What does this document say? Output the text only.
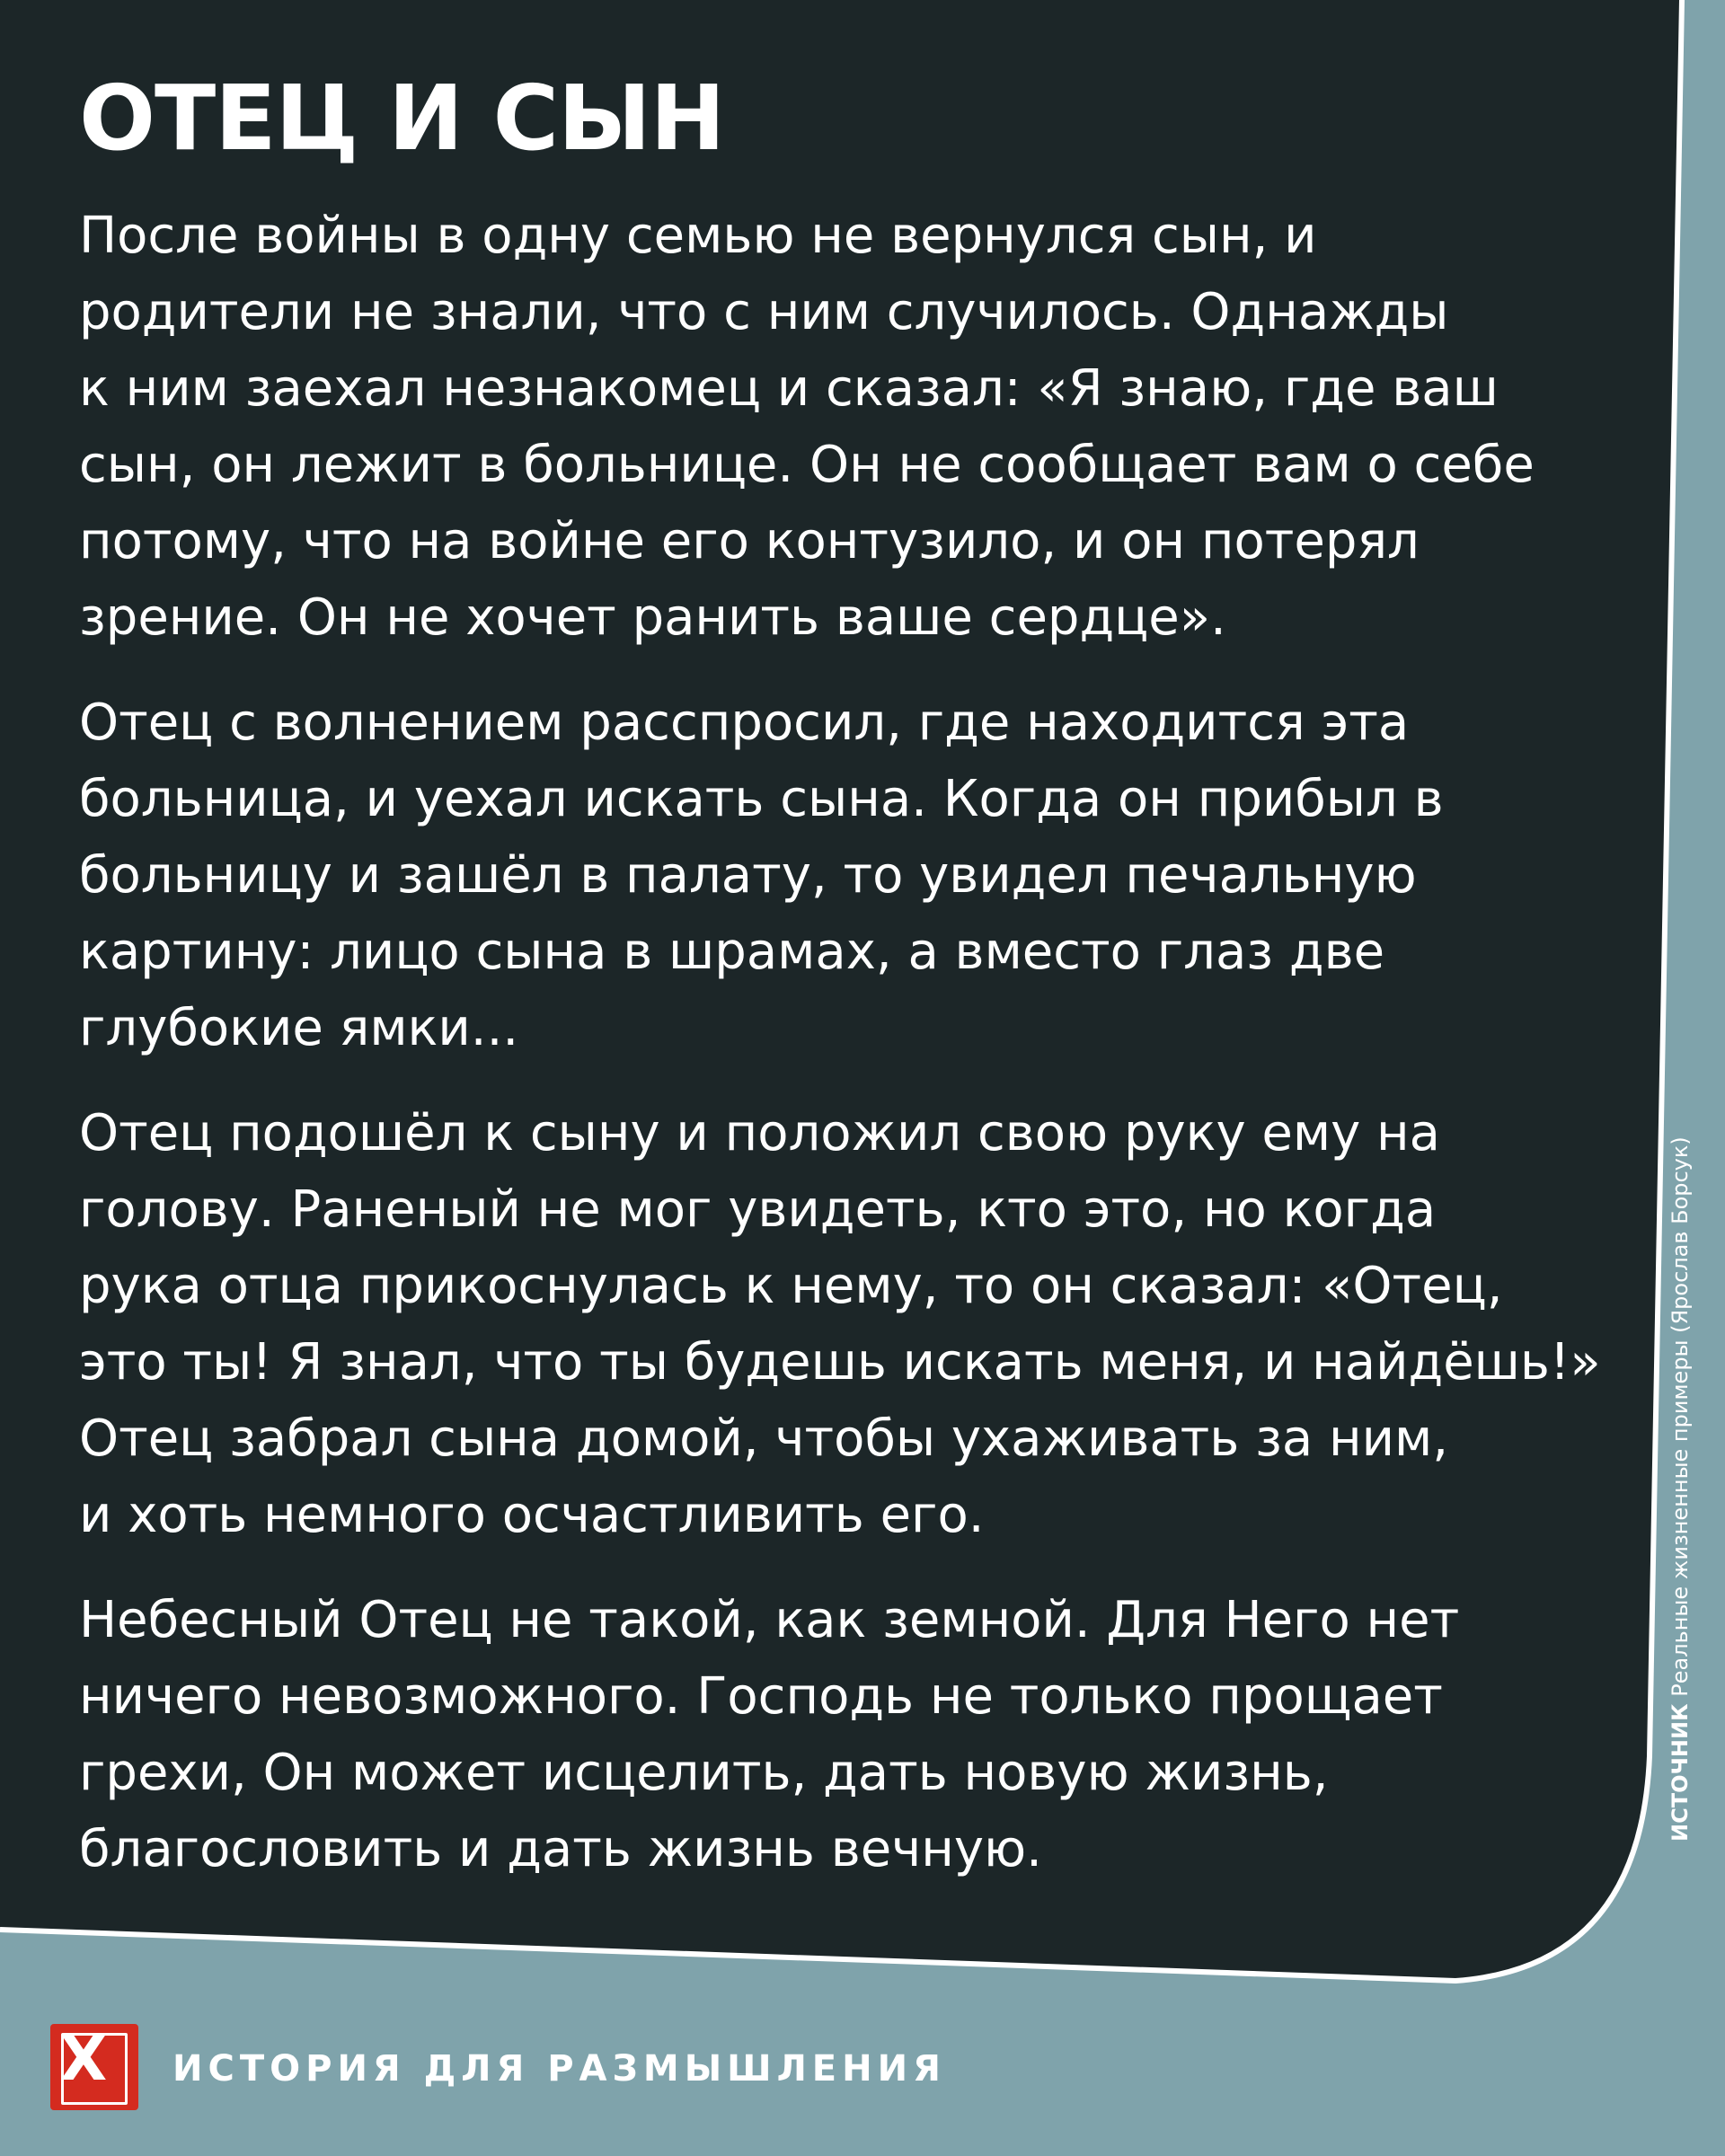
ОТЕЦ И СЫН

После войны в одну семью не вернулся сын, и
родители не знали, что с ним случилось. Однажды
к ним заехал незнакомец и сказал: «Я знаю, где ваш
сын, он лежит в больнице. Он не сообщает вам о себе
потому, что на войне его контузило, и он потерял
зрение. Он не хочет ранить ваше сердце».

Отец с волнением расспросил, где находится эта
больница, и уехал искать сына. Когда он прибыл в
больницу и зашёл в палату, то увидел печальную
картину: лицо сына в шрамах, а вместо глаз две
глубокие ямки...

Отец подошёл к сыну и положил свою руку ему на
голову. Раненый не мог увидеть, кто это, но когда
рука отца прикоснулась к нему, то он сказал: «Отец,
это ты! Я знал, что ты будешь искать меня, и найдёшь!»
Отец забрал сына домой, чтобы ухаживать за ним,
и хоть немного осчастливить его.

Небесный Отец не такой, как земной. Для Него нет
ничего невозможного. Господь не только прощает
грехи, Он может исцелить, дать новую жизнь,
благословить и дать жизнь вечную.

ИСТОЧНИК Реальные жизненные примеры (Ярослав Борсук)
X ИСТОРИЯ ДЛЯ РАЗМЫШЛЕНИЯ
